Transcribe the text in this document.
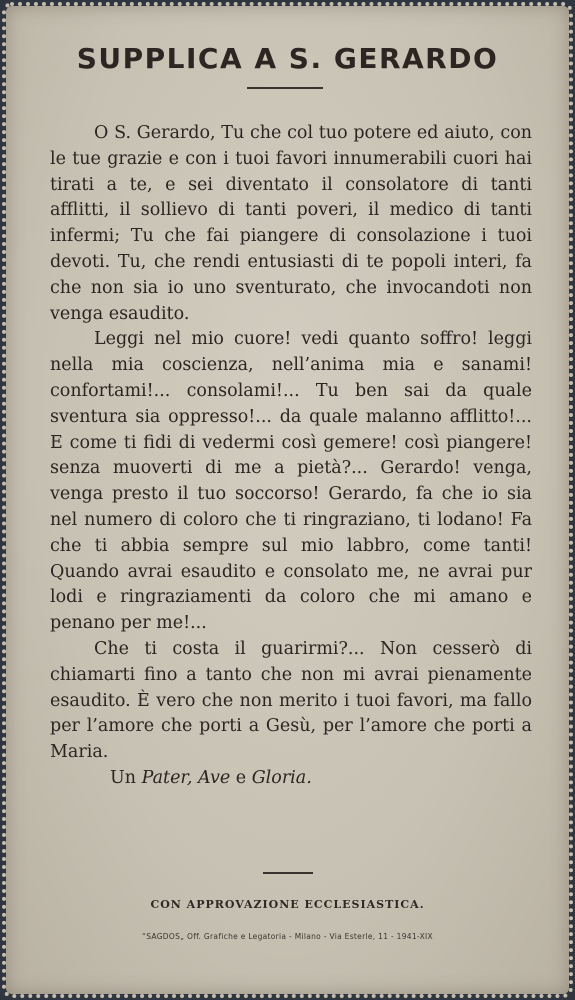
SUPPLICA A S. GERARDO

O S. Gerardo, Tu che col tuo potere ed aiuto, con le tue grazie e con i tuoi favori innumerabili cuori hai tirati a te, e sei diventato il consolatore di tanti afflitti, il sollievo di tanti poveri, il medico di tanti infermi; Tu che fai piangere di consolazione i tuoi devoti. Tu, che rendi entusiasti di te popoli interi, fa che non sia io uno sventurato, che invocandoti non venga esaudito.

Leggi nel mio cuore! vedi quanto soffro! leggi nella mia coscienza, nell’anima mia e sanami! confortami!... consolami!... Tu ben sai da quale sventura sia oppresso!... da quale malanno afflitto!... E come ti fidi di vedermi così gemere! così piangere! senza muoverti di me a pietà?... Gerardo! venga, venga presto il tuo soccorso! Gerardo, fa che io sia nel numero di coloro che ti ringraziano, ti lodano! Fa che ti abbia sempre sul mio labbro, come tanti! Quando avrai esaudito e consolato me, ne avrai pur lodi e ringraziamenti da coloro che mi amano e penano per me!...

Che ti costa il guarirmi?... Non cesserò di chiamarti fino a tanto che non mi avrai pienamente esaudito. È vero che non merito i tuoi favori, ma fallo per l’amore che porti a Gesù, per l’amore che porti a Maria.

Un Pater, Ave e Gloria.

CON APPROVAZIONE ECCLESIASTICA.
“SAGDOS„ Off. Grafiche e Legatoria - Milano - Via Esterle, 11 - 1941-XIX
